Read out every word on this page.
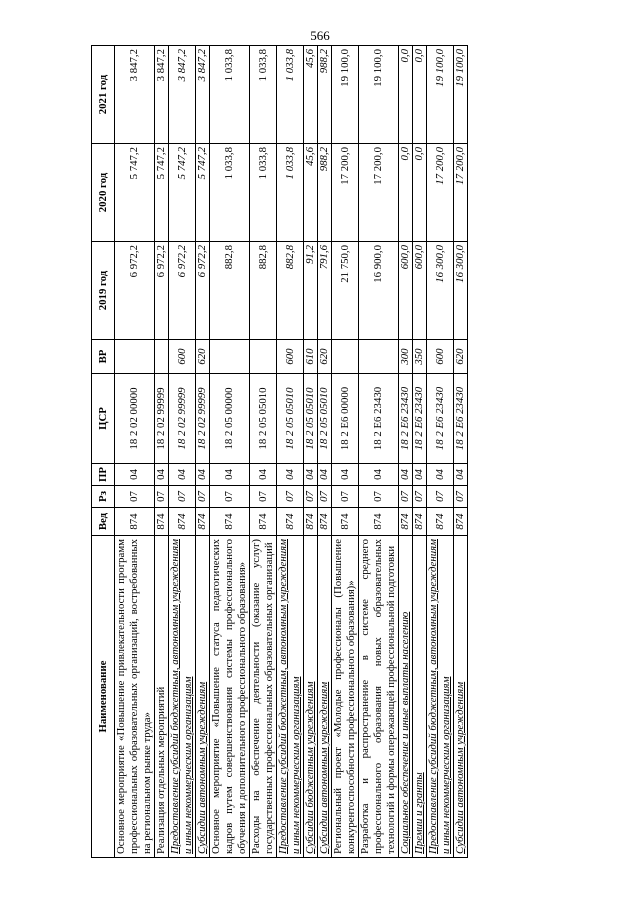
566
Наименование	Вед	Рз	ПР	ЦСР	ВР	2019 год	2020 год	2021 год
Основное мероприятие «Повышение привлекательности программ профессиональных образовательных организаций, востребованных на региональном рынке труда»	874	07	04	18 2 02 00000		6 972,2	5 747,2	3 847,2
Реализация отдельных мероприятий	874	07	04	18 2 02 99999		6 972,2	5 747,2	3 847,2
Предоставление субсидий бюджетным, автономным учреждениям и иным некоммерческим организациям	874	07	04	18 2 02 99999	600	6 972,2	5 747,2	3 847,2
Субсидии автономным учреждениям	874	07	04	18 2 02 99999	620	6 972,2	5 747,2	3 847,2
Основное мероприятие «Повышение статуса педагогических кадров путем совершенствования системы профессионального обучения и дополнительного профессионального образования»	874	07	04	18 2 05 00000		882,8	1 033,8	1 033,8
Расходы на обеспечение деятельности (оказание услуг) государственных профессиональных образовательных организаций	874	07	04	18 2 05 05010		882,8	1 033,8	1 033,8
Предоставление субсидий бюджетным, автономным учреждениям и иным некоммерческим организациям	874	07	04	18 2 05 05010	600	882,8	1 033,8	1 033,8
Субсидии бюджетным учреждениям	874	07	04	18 2 05 05010	610	91,2	45,6	45,6
Субсидии автономным учреждениям	874	07	04	18 2 05 05010	620	791,6	988,2	988,2
Региональный проект «Молодые профессионалы (Повышение конкурентоспособности профессионального образования)»	874	07	04	18 2 Е6 00000		21 750,0	17 200,0	19 100,0
Разработка и распространение в системе среднего профессионального образования новых образовательных технологий и формы опережающей профессиональной подготовки	874	07	04	18 2 Е6 23430		16 900,0	17 200,0	19 100,0
Социальное обеспечение и иные выплаты населению	874	07	04	18 2 Е6 23430	300	600,0	0,0	0,0
Премии и гранты	874	07	04	18 2 Е6 23430	350	600,0	0,0	0,0
Предоставление субсидий бюджетным, автономным учреждениям и иным некоммерческим организациям	874	07	04	18 2 Е6 23430	600	16 300,0	17 200,0	19 100,0
Субсидии автономным учреждениям	874	07	04	18 2 Е6 23430	620	16 300,0	17 200,0	19 100,0
